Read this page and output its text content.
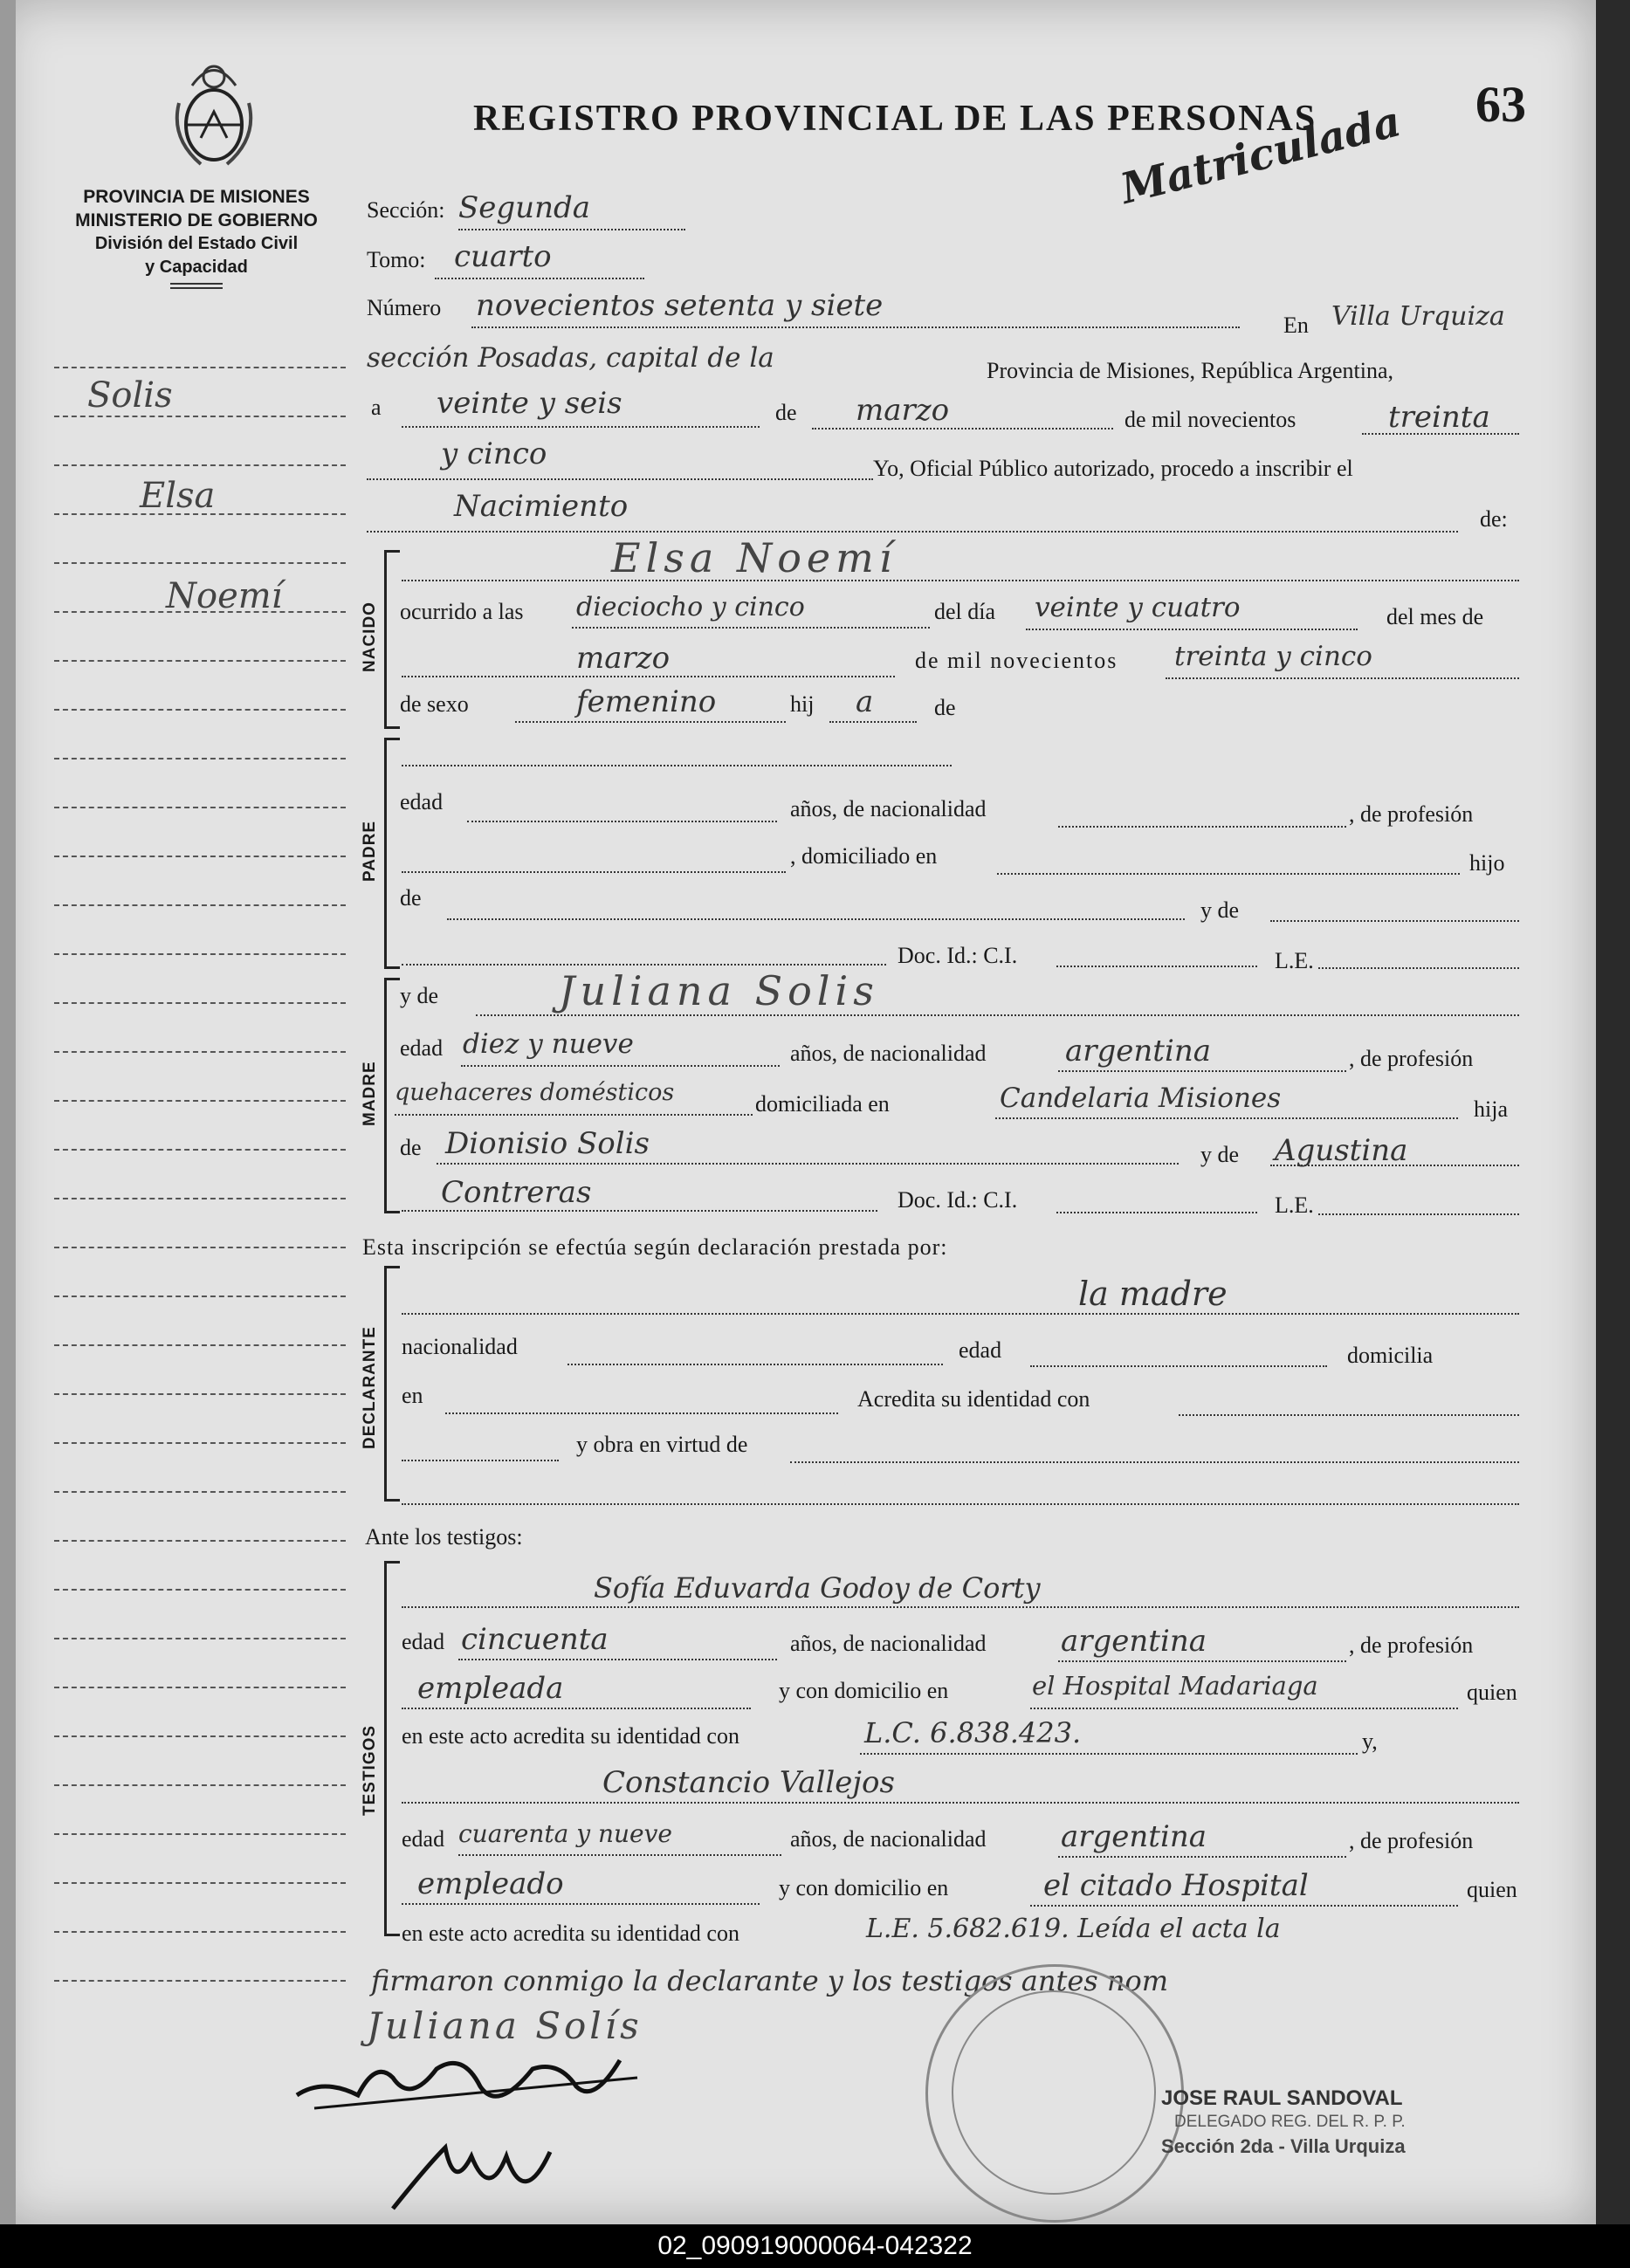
REGISTRO PROVINCIAL DE LAS PERSONAS	63
Matriculada
PROVINCIA DE MISIONES
MINISTERIO DE GOBIERNO
División del Estado Civil
y Capacidad
Solis
Elsa
Noemí
Sección: Segunda
Tomo: cuarto
Número novecientos setenta y siete
En Villa Urquiza
sección Posadas, capital de la	Provincia de Misiones, República Argentina,
a veinte y seis	de marzo	de mil novecientos	treinta
y cinco	Yo, Oficial Público autorizado, procedo a inscribir el
Nacimiento	de:
NACIDO
Elsa Noemí
ocurrido a las dieciocho y cinco	del día veinte y cuatro	del mes de
marzo	de mil novecientos treinta y cinco
de sexo	femenino	hij a	de
PADRE
edad	años, de nacionalidad	, de profesión
, domiciliado en	hijo
de	y de
Doc. Id.: C.I.	L.E.
MADRE
y de	Juliana Solis
edad diez y nueve	años, de nacionalidad	argentina	, de profesión
quehaceres domésticos	domiciliada en	Candelaria Misiones	hija
de Dionisio Solis	y de Agustina
Contreras	Doc. Id.: C.I.	L.E.
Esta inscripción se efectúa según declaración prestada por:
DECLARANTE
la madre
nacionalidad	edad	domicilia
en	Acredita su identidad con
y obra en virtud de
Ante los testigos:
TESTIGOS
Sofía Eduvarda Godoy de Corty
edad cincuenta	años, de nacionalidad	argentina	, de profesión
empleada	y con domicilio en	el Hospital Madariaga	quien
en este acto acredita su identidad con	L.C. 6.838.423.	y,
Constancio Vallejos
edad cuarenta y nueve	años, de nacionalidad	argentina	, de profesión
empleado	y con domicilio en	el citado Hospital	quien
en este acto acredita su identidad con	L.E. 5.682.619. Leída el acta la
firmaron conmigo la declarante y los testigos antes nom
Juliana Solís
JOSE RAUL SANDOVAL
DELEGADO REG. DEL R. P. P.
Sección 2da - Villa Urquiza
02_090919000064-042322
